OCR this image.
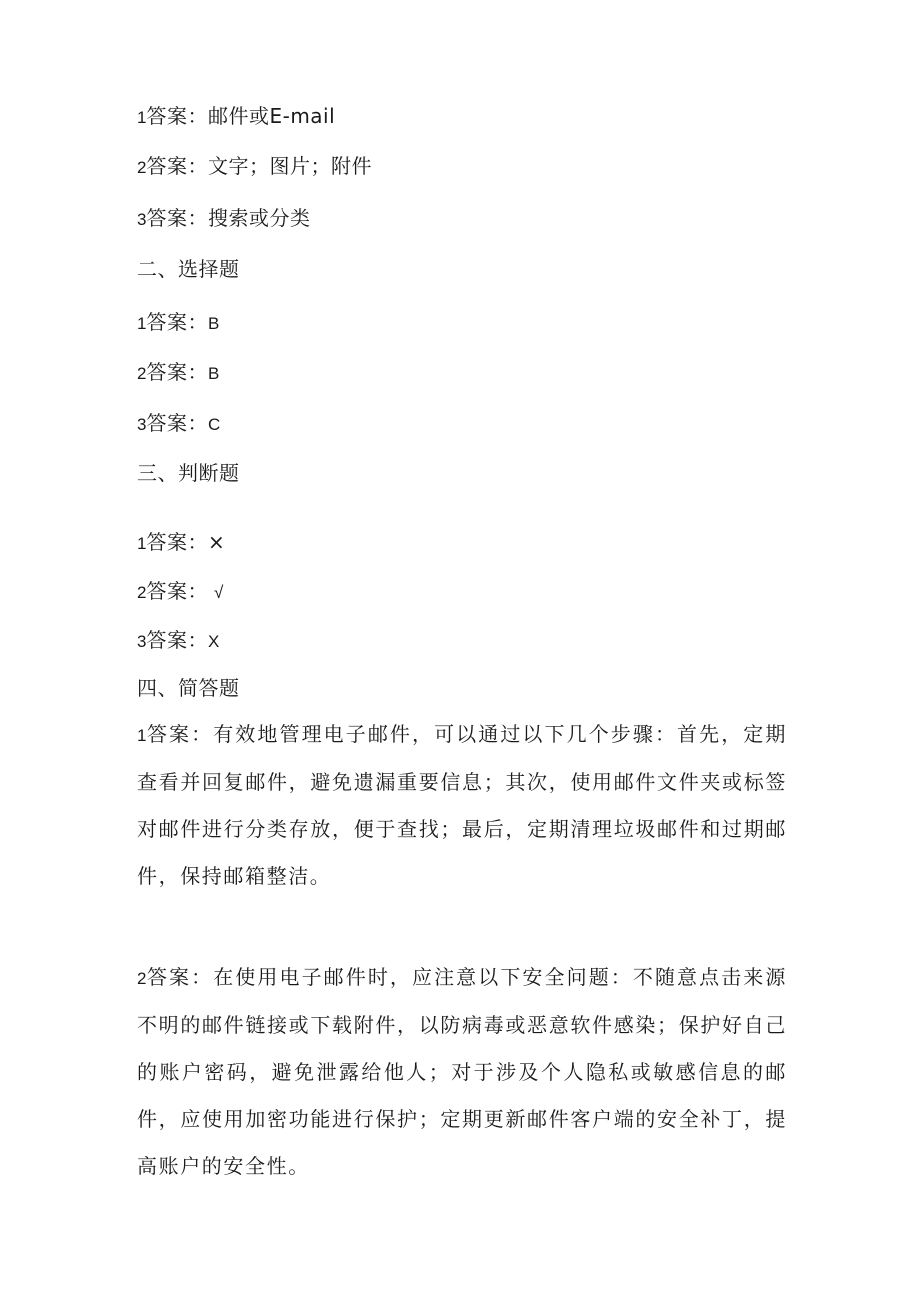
1答案：邮件或E-mail
2答案：文字；图片；附件
3答案：搜索或分类
二、选择题
1答案：B
2答案：B
3答案：C
三、判断题
1答案：×
2答案： √
3答案：X
四、简答题

1答案：有效地管理电子邮件，可以通过以下几个步骤：首先，定期查看并回复邮件，避免遗漏重要信息；其次，使用邮件文件夹或标签对邮件进行分类存放，便于查找；最后，定期清理垃圾邮件和过期邮件，保持邮箱整洁。

2答案：在使用电子邮件时，应注意以下安全问题：不随意点击来源不明的邮件链接或下载附件，以防病毒或恶意软件感染；保护好自己的账户密码，避免泄露给他人；对于涉及个人隐私或敏感信息的邮件，应使用加密功能进行保护；定期更新邮件客户端的安全补丁，提高账户的安全性。
